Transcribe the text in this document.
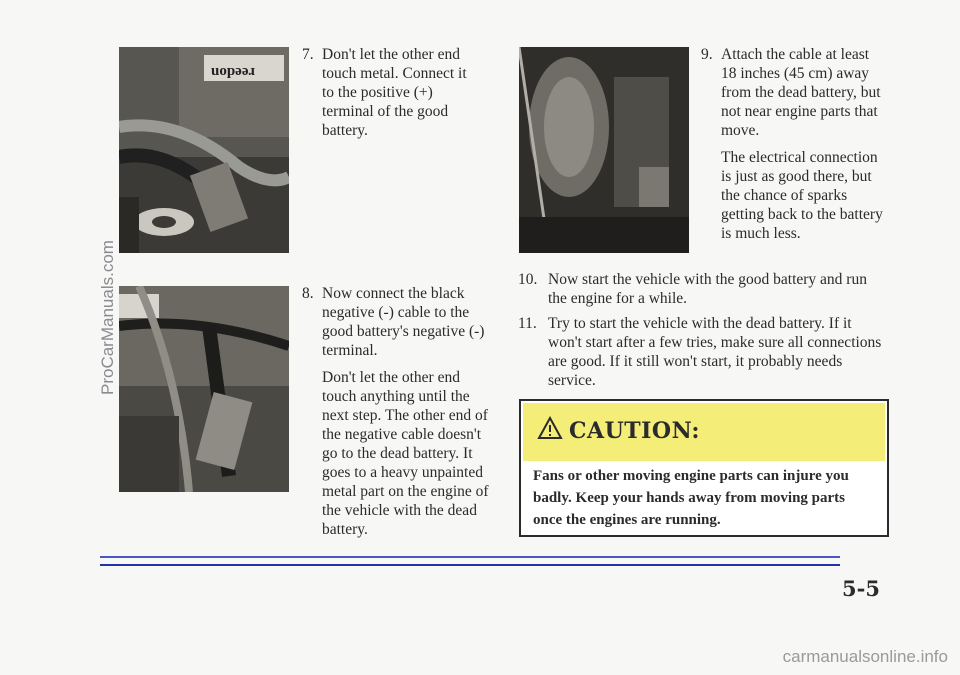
uopəəɹ
7. Don't let the other end touch metal. Connect it to the positive (+) terminal of the good battery.

8. Now connect the black negative (-) cable to the good battery's negative (-) terminal.

Don't let the other end touch anything until the next step. The other end of the negative cable doesn't go to the dead battery. It goes to a heavy unpainted metal part on the engine of the vehicle with the dead battery.

9. Attach the cable at least 18 inches (45 cm) away from the dead battery, but not near engine parts that move.

The electrical connection is just as good there, but the chance of sparks getting back to the battery is much less.

10. Now start the vehicle with the good battery and run the engine for a while.

11. Try to start the vehicle with the dead battery. If it won't start after a few tries, make sure all connections are good. If it still won't start, it probably needs service.

CAUTION:
Fans or other moving engine parts can injure you badly. Keep your hands away from moving parts once the engines are running.
5-5
ProCarManuals.com
carmanualsonline.info
